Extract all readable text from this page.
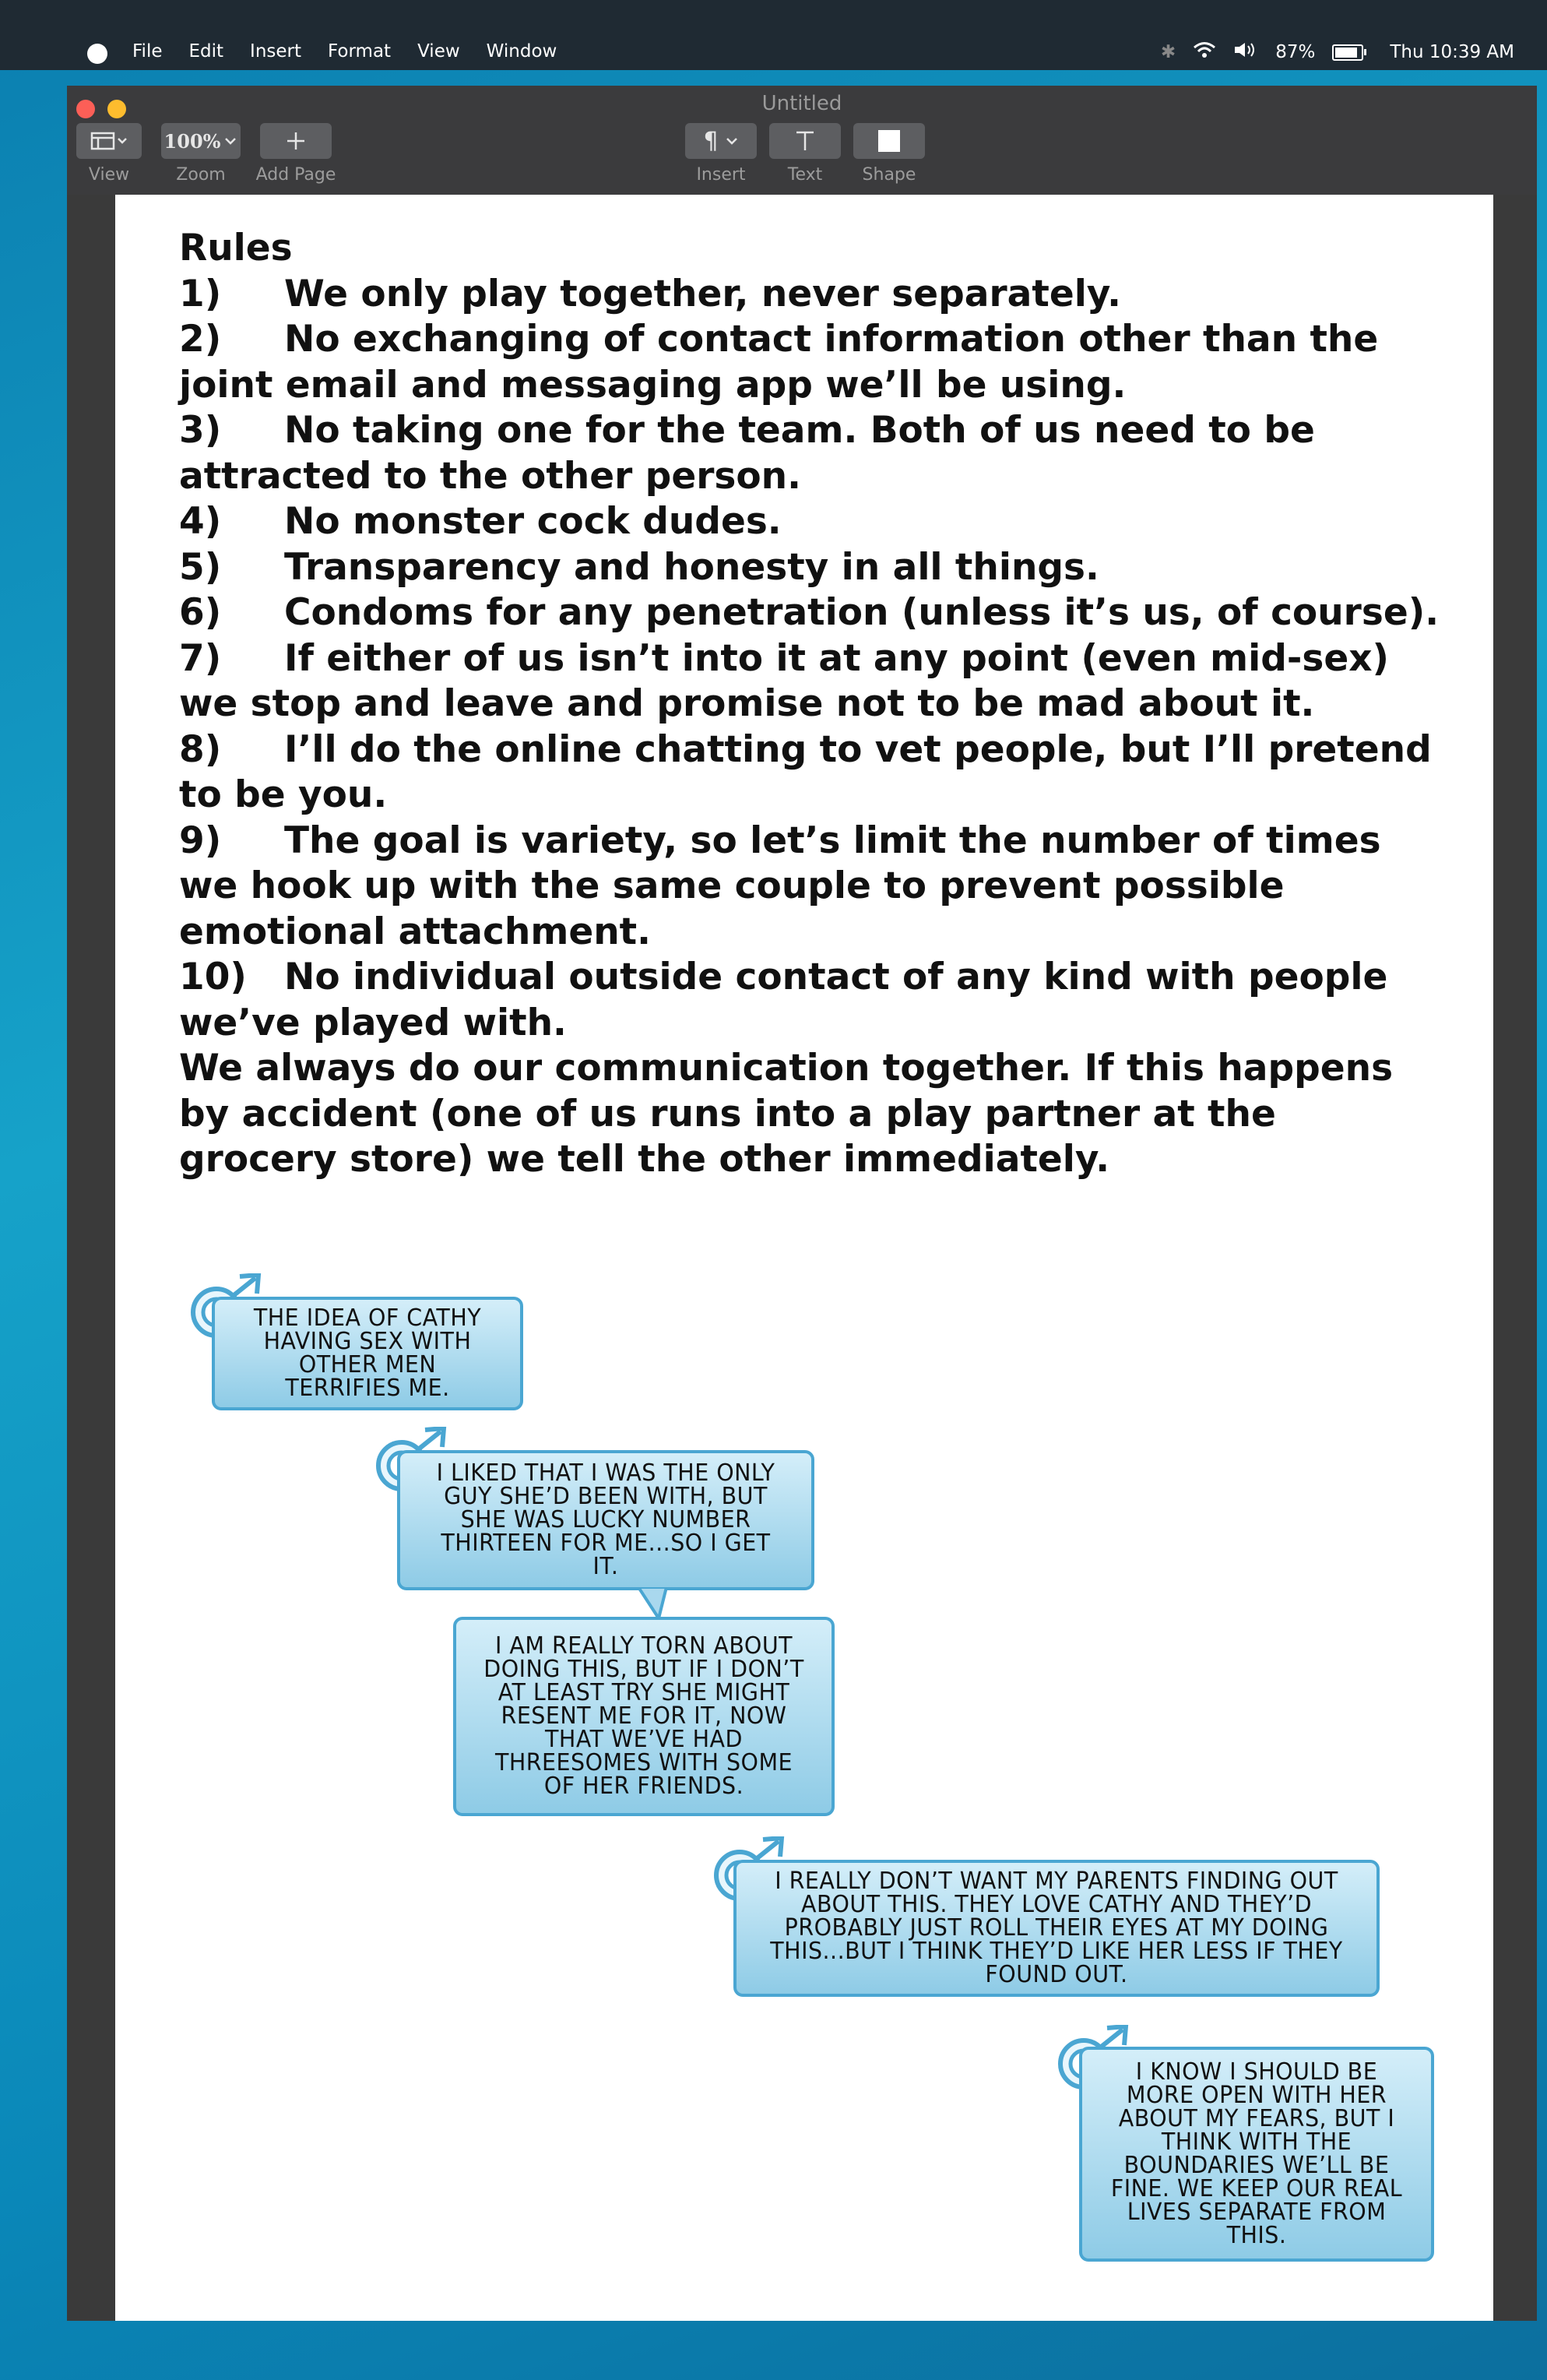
File Edit Insert Format View Window	✱	87%	Thu 10:39 AM
Untitled
View
100%
Zoom	Add Page
¶
Insert	Text	Shape

Rules

1) We only play together, never separately.

2) No exchanging of contact information other than the joint email and messaging app we’ll be using.

3) No taking one for the team. Both of us need to be attracted to the other person.

4) No monster cock dudes.

5) Transparency and honesty in all things.

6) Condoms for any penetration (unless it’s us, of course).

7) If either of us isn’t into it at any point (even mid-sex) we stop and leave and promise not to be mad about it.

8) I’ll do the online chatting to vet people, but I’ll pretend to be you.

9) The goal is variety, so let’s limit the number of times we hook up with the same couple to prevent possible emotional attachment.

10) No individual outside contact of any kind with people we’ve played with.

We always do our communication together. If this happens by accident (one of us runs into a play partner at the grocery store) we tell the other immediately.

THE IDEA OF CATHY HAVING SEX WITH OTHER MEN TERRIFIES ME.
I LIKED THAT I WAS THE ONLY GUY SHE’D BEEN WITH, BUT SHE WAS LUCKY NUMBER THIRTEEN FOR ME...SO I GET IT.
I AM REALLY TORN ABOUT DOING THIS, BUT IF I DON’T AT LEAST TRY SHE MIGHT RESENT ME FOR IT, NOW THAT WE’VE HAD THREESOMES WITH SOME OF HER FRIENDS.
I REALLY DON’T WANT MY PARENTS FINDING OUT ABOUT THIS. THEY LOVE CATHY AND THEY’D PROBABLY JUST ROLL THEIR EYES AT MY DOING THIS...BUT I THINK THEY’D LIKE HER LESS IF THEY FOUND OUT.
I KNOW I SHOULD BE MORE OPEN WITH HER ABOUT MY FEARS, BUT I THINK WITH THE BOUNDARIES WE’LL BE FINE. WE KEEP OUR REAL LIVES SEPARATE FROM THIS.
